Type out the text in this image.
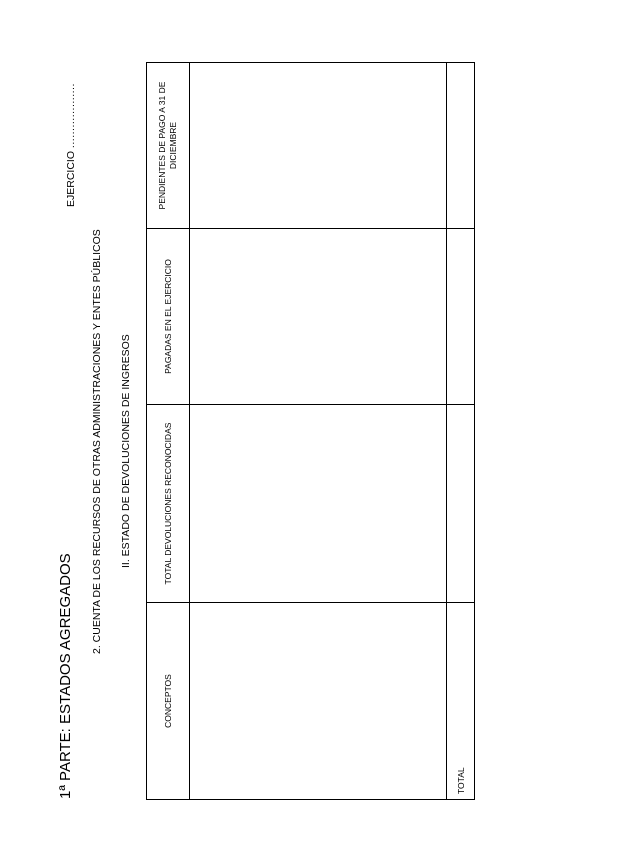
1ª PARTE: ESTADOS AGREGADOS
EJERCICIO ...................
2. CUENTA DE LOS RECURSOS DE OTRAS ADMINISTRACIONES Y ENTES PÚBLICOS II. ESTADO DE DEVOLUCIONES DE INGRESOS
CONCEPTOS	TOTAL DEVOLUCIONES RECONOCIDAS	PAGADAS EN EL EJERCICIO	PENDIENTES DE PAGO A 31 DE DICIEMBRE

TOTAL			
